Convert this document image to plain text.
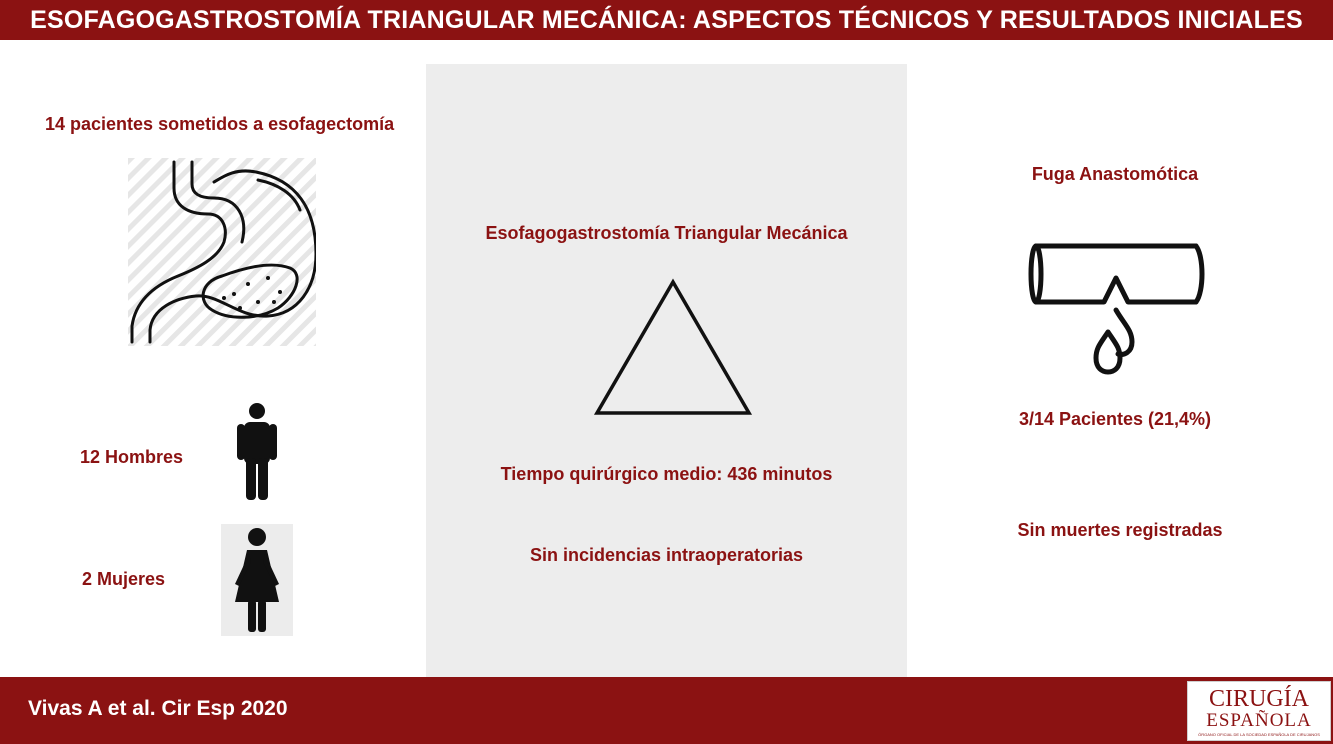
ESOFAGOGASTROSTOMÍA TRIANGULAR MECÁNICA: ASPECTOS TÉCNICOS Y RESULTADOS INICIALES
14 pacientes sometidos a esofagectomía
12 Hombres
2 Mujeres
Esofagogastrostomía Triangular Mecánica
Tiempo quirúrgico medio: 436 minutos
Sin incidencias intraoperatorias
Fuga Anastomótica
3/14 Pacientes (21,4%)
Sin muertes registradas
Vivas A et al. Cir Esp 2020	CIRUGÍA
ESPAÑOLA
ÓRGANO OFICIAL DE LA SOCIEDAD ESPAÑOLA DE CIRUJANOS
